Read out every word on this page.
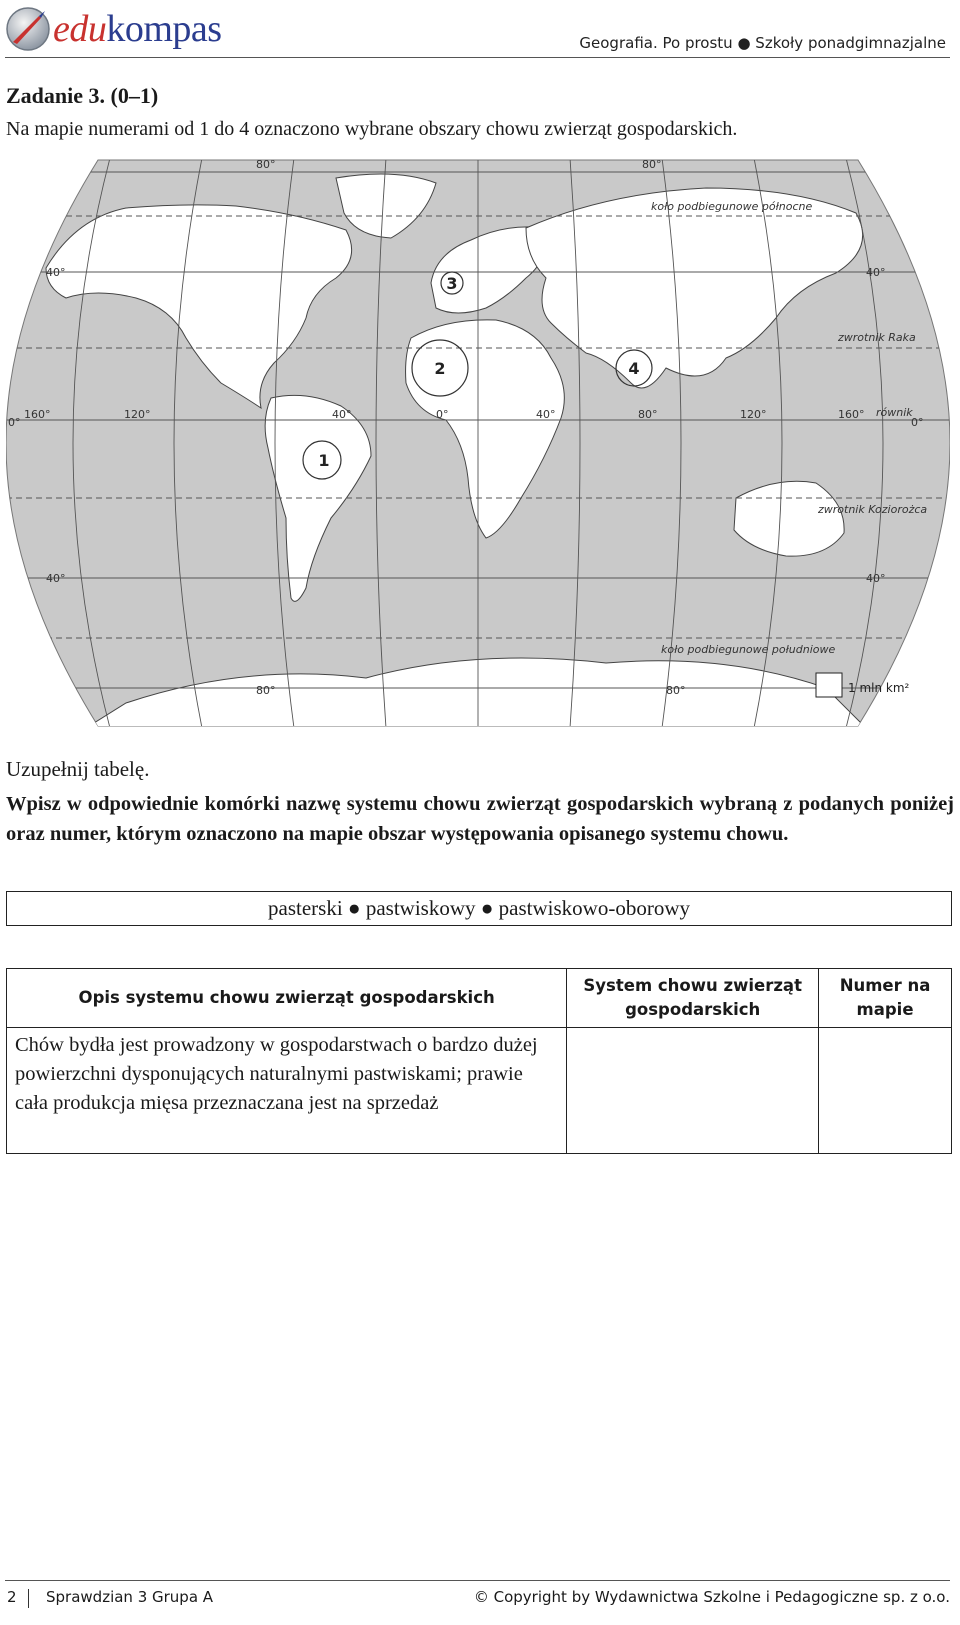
edukompas	Geografia. Po prostu ● Szkoły ponadgimnazjalne
Zadanie 3. (0–1)
Na mapie numerami od 1 do 4 oznaczono wybrane obszary chowu zwierząt gospodarskich.
1
2
3
4
80°	80°
40°	40°
0°	0°
40°	40°
80°	80°
160°	120°	40°	0°	40°	80°	120°	160°
koło podbiegunowe północne
zwrotnik Raka
równik
zwrotnik Koziorożca
koło podbiegunowe południowe
1 mln km²
Uzupełnij tabelę.
Wpisz w odpowiednie komórki nazwę systemu chowu zwierząt gospodarskich wybraną z podanych poniżej oraz numer, którym oznaczono na mapie obszar występowania opisanego systemu chowu.
pasterski ● pastwiskowy ● pastwiskowo-oborowy
Opis systemu chowu zwierząt gospodarskich	System chowu zwierząt gospodarskich	Numer na mapie
Chów bydła jest prowadzony w gospodarstwach o bardzo dużej powierzchni dysponujących naturalnymi pastwiskami; prawie cała produkcja mięsa przeznaczana jest na sprzedaż		
2 Sprawdzian 3 Grupa A	© Copyright by Wydawnictwa Szkolne i Pedagogiczne sp. z o.o.
